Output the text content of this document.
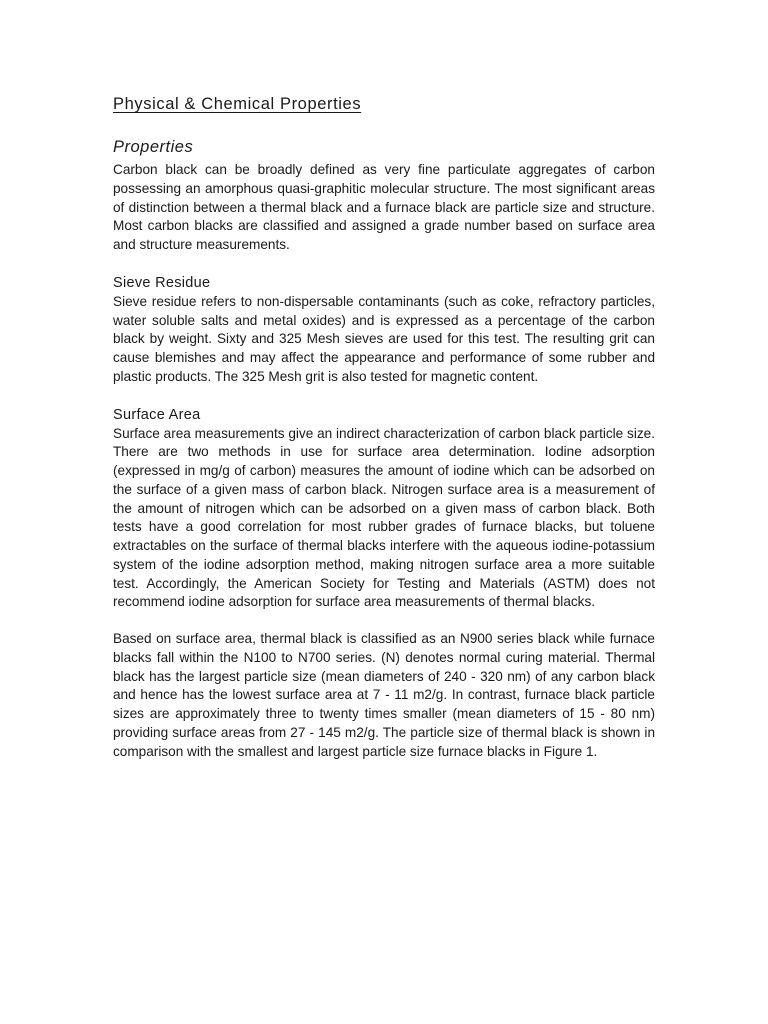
Physical & Chemical Properties
Properties

Carbon black can be broadly defined as very fine particulate aggregates of carbon possessing an amorphous quasi-graphitic molecular structure. The most significant areas of distinction between a thermal black and a furnace black are particle size and structure. Most carbon blacks are classified and assigned a grade number based on surface area and structure measurements.

Sieve Residue

Sieve residue refers to non-dispersable contaminants (such as coke, refractory particles, water soluble salts and metal oxides) and is expressed as a percentage of the carbon black by weight. Sixty and 325 Mesh sieves are used for this test. The resulting grit can cause blemishes and may affect the appearance and performance of some rubber and plastic products. The 325 Mesh grit is also tested for magnetic content.

Surface Area

Surface area measurements give an indirect characterization of carbon black particle size. There are two methods in use for surface area determination. Iodine adsorption (expressed in mg/g of carbon) measures the amount of iodine which can be adsorbed on the surface of a given mass of carbon black. Nitrogen surface area is a measurement of the amount of nitrogen which can be adsorbed on a given mass of carbon black. Both tests have a good correlation for most rubber grades of furnace blacks, but toluene extractables on the surface of thermal blacks interfere with the aqueous iodine-potassium system of the iodine adsorption method, making nitrogen surface area a more suitable test. Accordingly, the American Society for Testing and Materials (ASTM) does not recommend iodine adsorption for surface area measurements of thermal blacks.

Based on surface area, thermal black is classified as an N900 series black while furnace blacks fall within the N100 to N700 series. (N) denotes normal curing material. Thermal black has the largest particle size (mean diameters of 240 - 320 nm) of any carbon black and hence has the lowest surface area at 7 - 11 m2/g. In contrast, furnace black particle sizes are approximately three to twenty times smaller (mean diameters of 15 - 80 nm) providing surface areas from 27 - 145 m2/g. The particle size of thermal black is shown in comparison with the smallest and largest particle size furnace blacks in Figure 1.
